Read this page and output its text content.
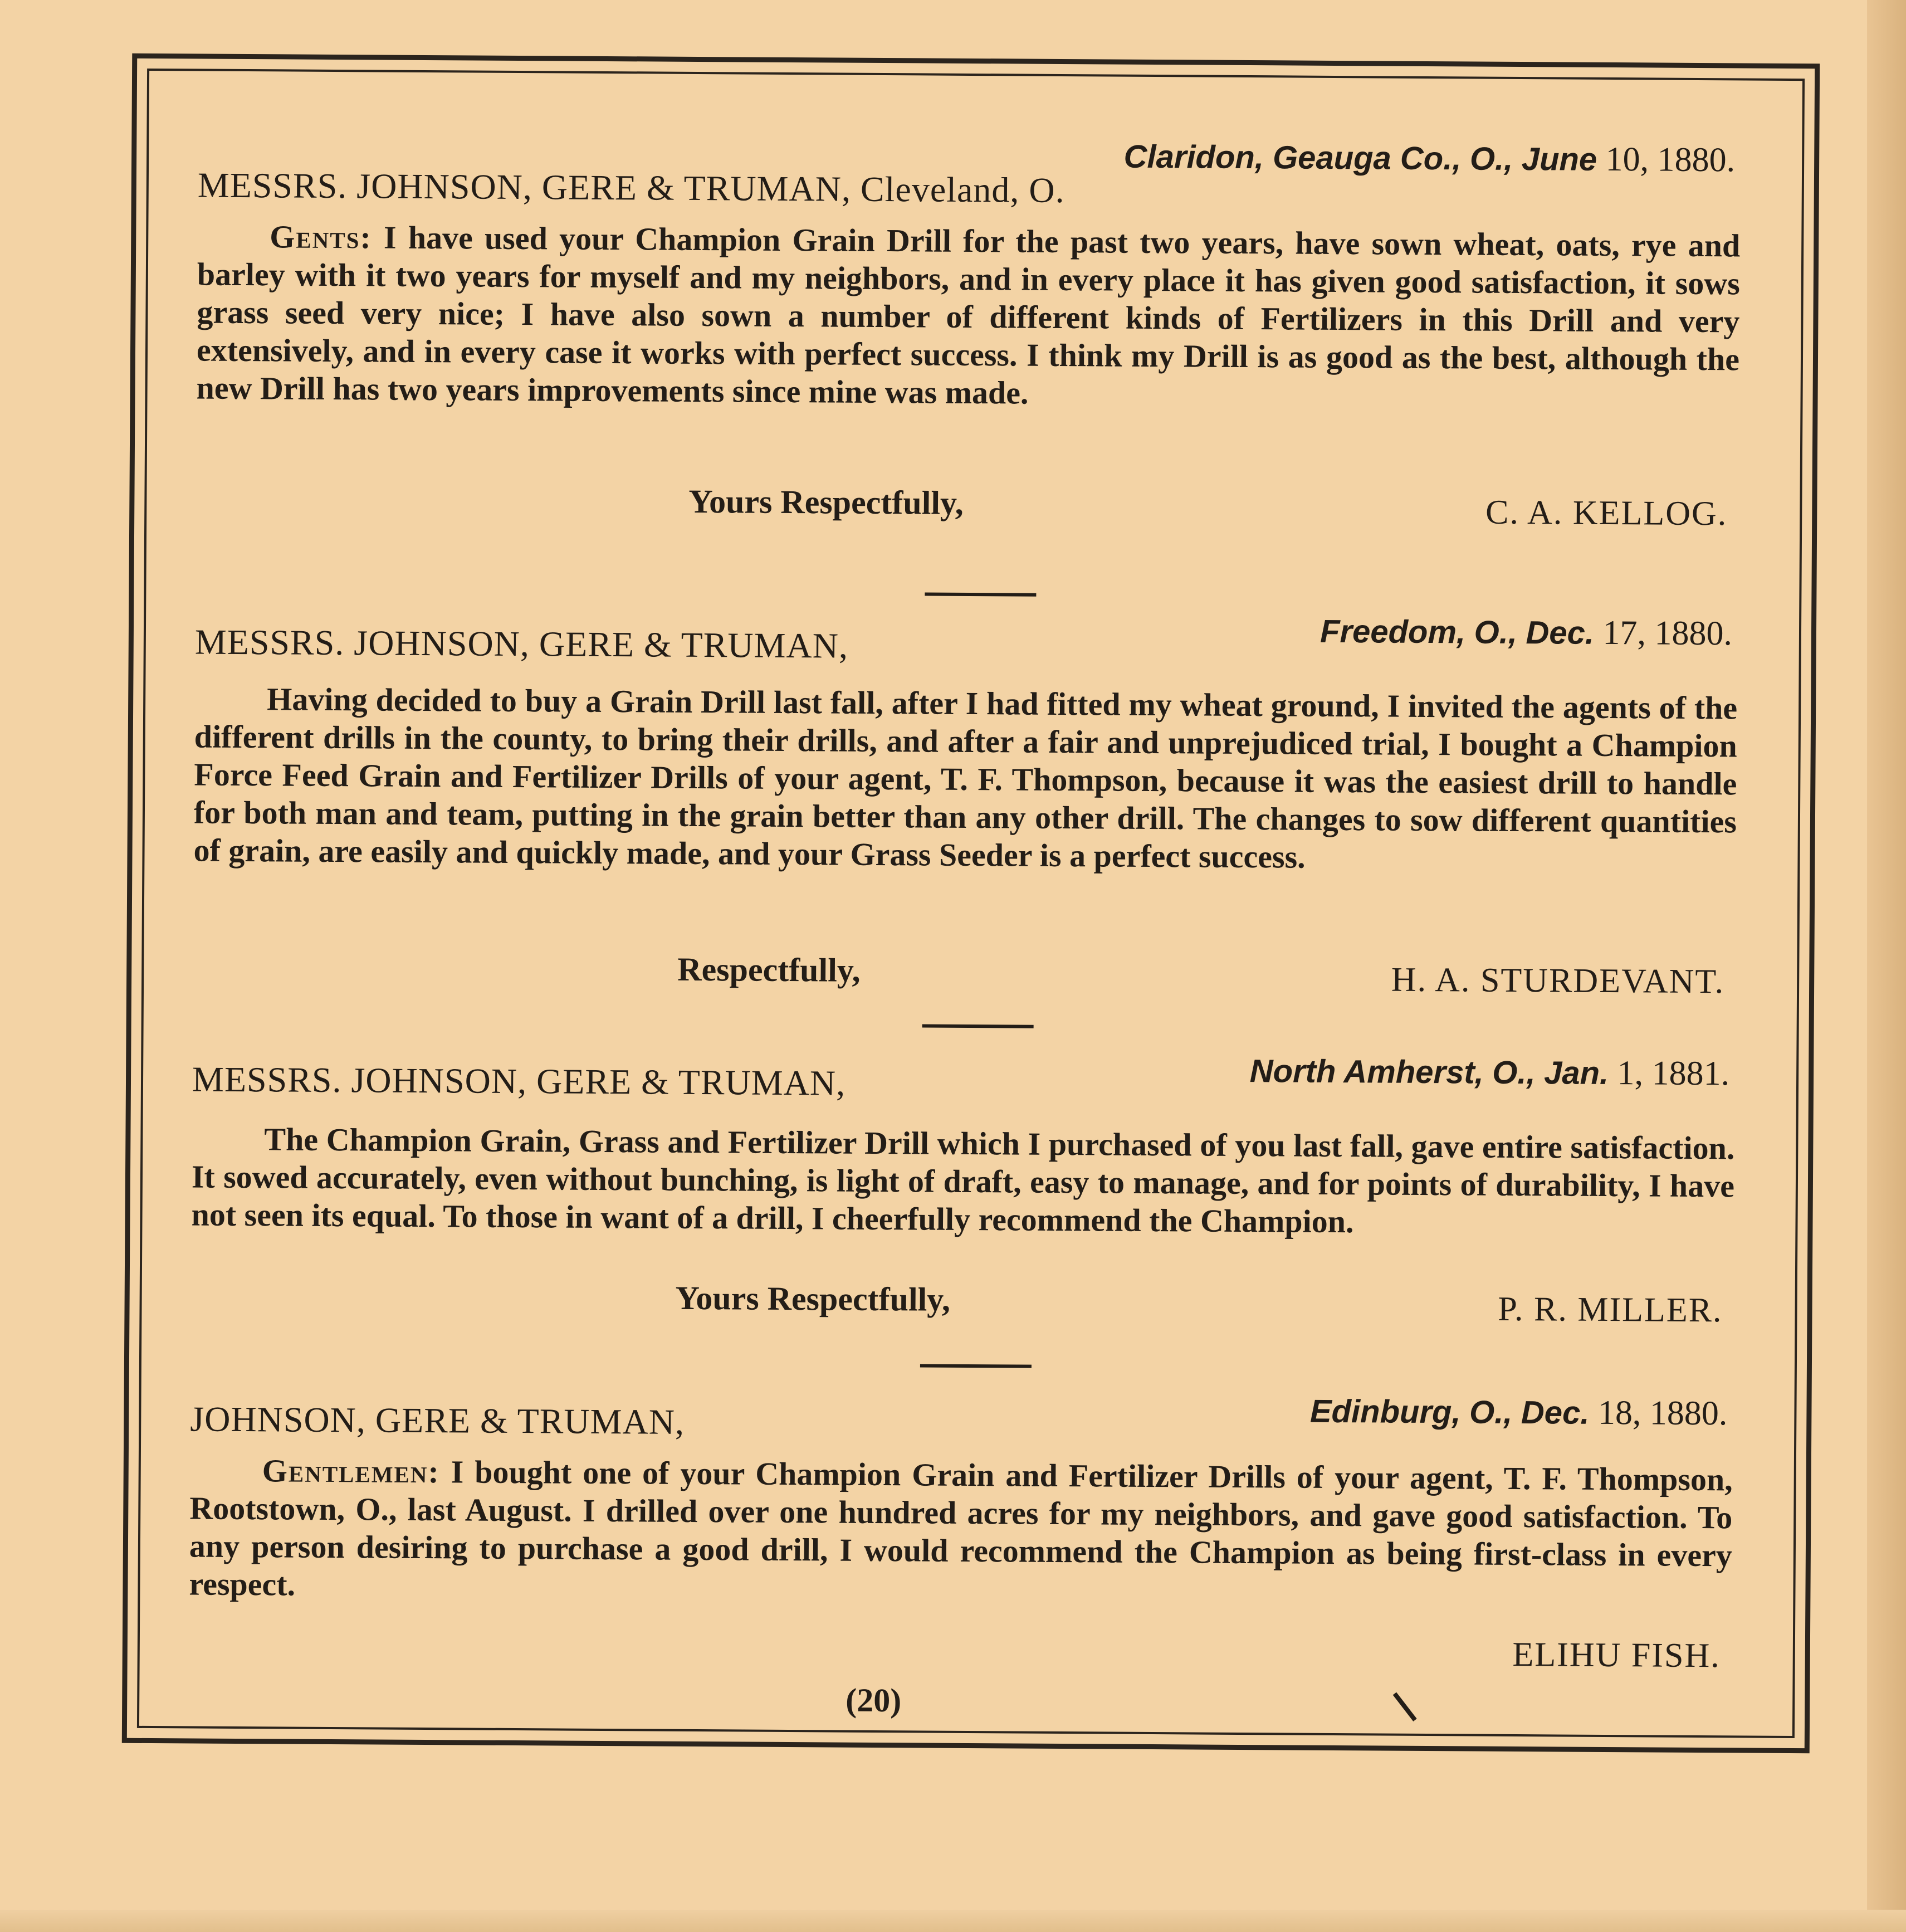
Claridon, Geauga Co., O., June 10, 1880.
MESSRS. JOHNSON, GERE & TRUMAN, Cleveland, O.
Gents: I have used your Champion Grain Drill for the past two years, have sown wheat, oats, rye and barley with it two years for myself and my neighbors, and in every place it has given good satisfaction, it sows grass seed very nice; I have also sown a number of different kinds of Fertilizers in this Drill and very extensively, and in every case it works with perfect success. I think my Drill is as good as the best, although the new Drill has two years improvements since mine was made.
Yours Respectfully,	C. A. KELLOG.
Freedom, O., Dec. 17, 1880.
MESSRS. JOHNSON, GERE & TRUMAN,
Having decided to buy a Grain Drill last fall, after I had fitted my wheat ground, I invited the agents of the different drills in the county, to bring their drills, and after a fair and unprejudiced trial, I bought a Champion Force Feed Grain and Fertilizer Drills of your agent, T. F. Thompson, because it was the easiest drill to handle for both man and team, putting in the grain better than any other drill. The changes to sow different quantities of grain, are easily and quickly made, and your Grass Seeder is a perfect success.
Respectfully,	H. A. STURDEVANT.
North Amherst, O., Jan. 1, 1881.
MESSRS. JOHNSON, GERE & TRUMAN,
The Champion Grain, Grass and Fertilizer Drill which I purchased of you last fall, gave entire satisfaction. It sowed accurately, even without bunching, is light of draft, easy to manage, and for points of durability, I have not seen its equal. To those in want of a drill, I cheerfully recommend the Champion.
Yours Respectfully,	P. R. MILLER.
Edinburg, O., Dec. 18, 1880.
JOHNSON, GERE & TRUMAN,
Gentlemen: I bought one of your Champion Grain and Fertilizer Drills of your agent, T. F. Thompson, Rootstown, O., last August. I drilled over one hundred acres for my neighbors, and gave good satisfaction. To any person desiring to purchase a good drill, I would recommend the Champion as being first-class in every respect.
ELIHU FISH.
(20)
